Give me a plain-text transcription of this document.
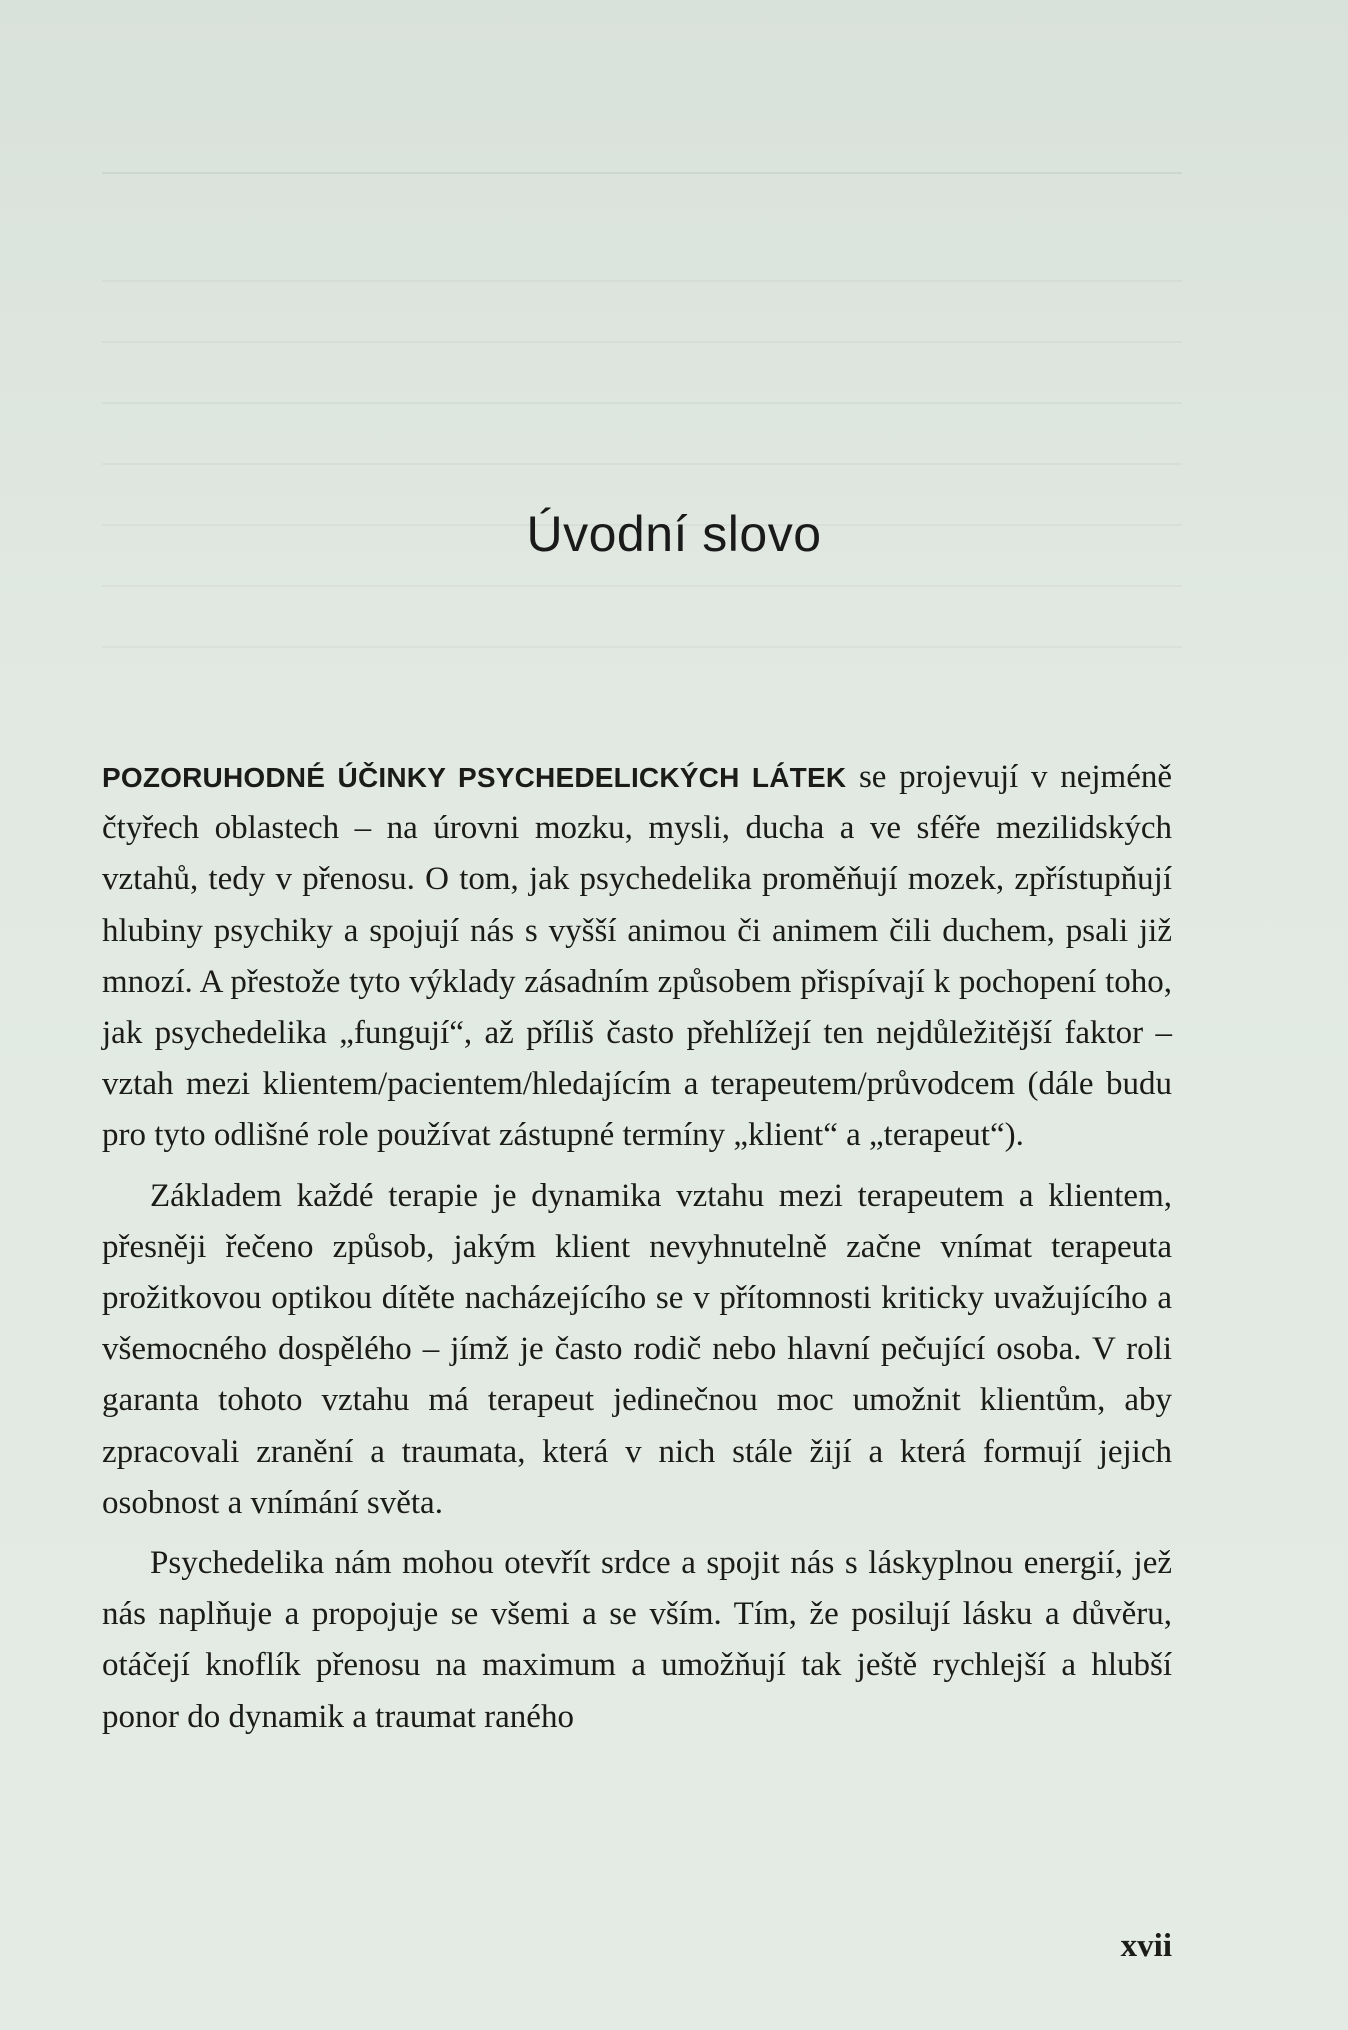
Úvodní slovo

POZORUHODNÉ ÚČINKY PSYCHEDELICKÝCH LÁTEK se projevují v nejméně čtyřech oblastech – na úrovni mozku, mysli, ducha a ve sféře mezilidských vztahů, tedy v přenosu. O tom, jak psychedelika proměňují mozek, zpřístupňují hlubiny psychiky a spojují nás s vyšší animou či animem čili duchem, psali již mnozí. A přestože tyto výklady zásadním způsobem přispívají k pochopení toho, jak psychedelika „fungují“, až příliš často přehlížejí ten nejdůležitější faktor – vztah mezi klientem/pacientem/hledajícím a terapeutem/průvodcem (dále budu pro tyto odlišné role používat zástupné termíny „klient“ a „terapeut“).

Základem každé terapie je dynamika vztahu mezi terapeutem a klientem, přesněji řečeno způsob, jakým klient nevyhnutelně začne vnímat terapeuta prožitkovou optikou dítěte nacházejícího se v přítomnosti kriticky uvažujícího a všemocného dospělého – jímž je často rodič nebo hlavní pečující osoba. V roli garanta tohoto vztahu má terapeut jedinečnou moc umožnit klientům, aby zpracovali zranění a traumata, která v nich stále žijí a která formují jejich osobnost a vnímání světa.

Psychedelika nám mohou otevřít srdce a spojit nás s láskyplnou energií, jež nás naplňuje a propojuje se všemi a se vším. Tím, že posilují lásku a důvěru, otáčejí knoflík přenosu na maximum a umožňují tak ještě rychlejší a hlubší ponor do dynamik a traumat raného

xvii
